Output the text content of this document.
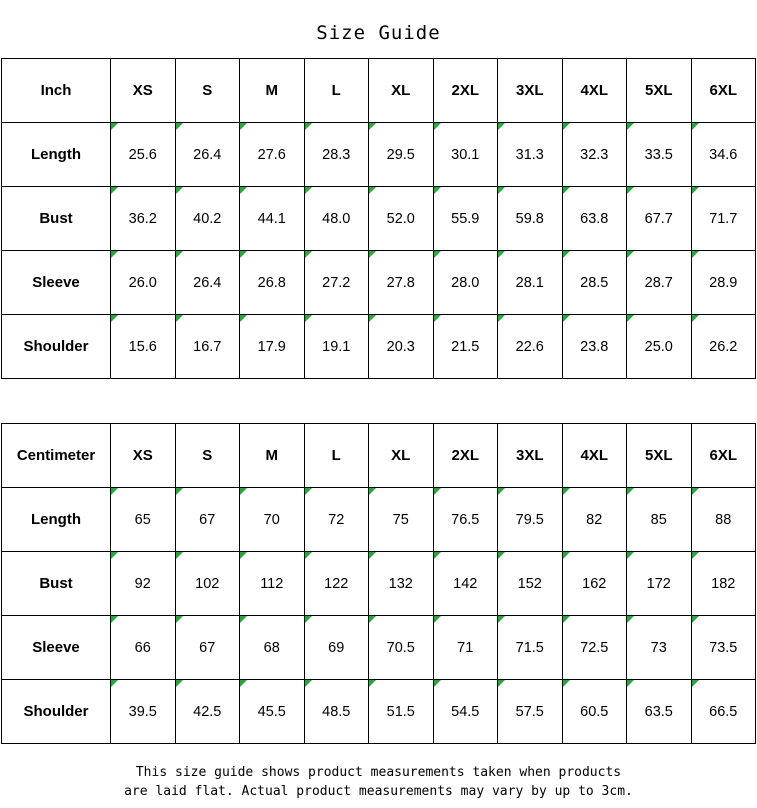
Size Guide
Inch	XS	S	M	L	XL	2XL	3XL	4XL	5XL	6XL
Length	25.6	26.4	27.6	28.3	29.5	30.1	31.3	32.3	33.5	34.6
Bust	36.2	40.2	44.1	48.0	52.0	55.9	59.8	63.8	67.7	71.7
Sleeve	26.0	26.4	26.8	27.2	27.8	28.0	28.1	28.5	28.7	28.9
Shoulder	15.6	16.7	17.9	19.1	20.3	21.5	22.6	23.8	25.0	26.2
Centimeter	XS	S	M	L	XL	2XL	3XL	4XL	5XL	6XL
Length	65	67	70	72	75	76.5	79.5	82	85	88
Bust	92	102	112	122	132	142	152	162	172	182
Sleeve	66	67	68	69	70.5	71	71.5	72.5	73	73.5
Shoulder	39.5	42.5	45.5	48.5	51.5	54.5	57.5	60.5	63.5	66.5
This size guide shows product measurements taken when products
are laid flat. Actual product measurements may vary by up to 3cm.
